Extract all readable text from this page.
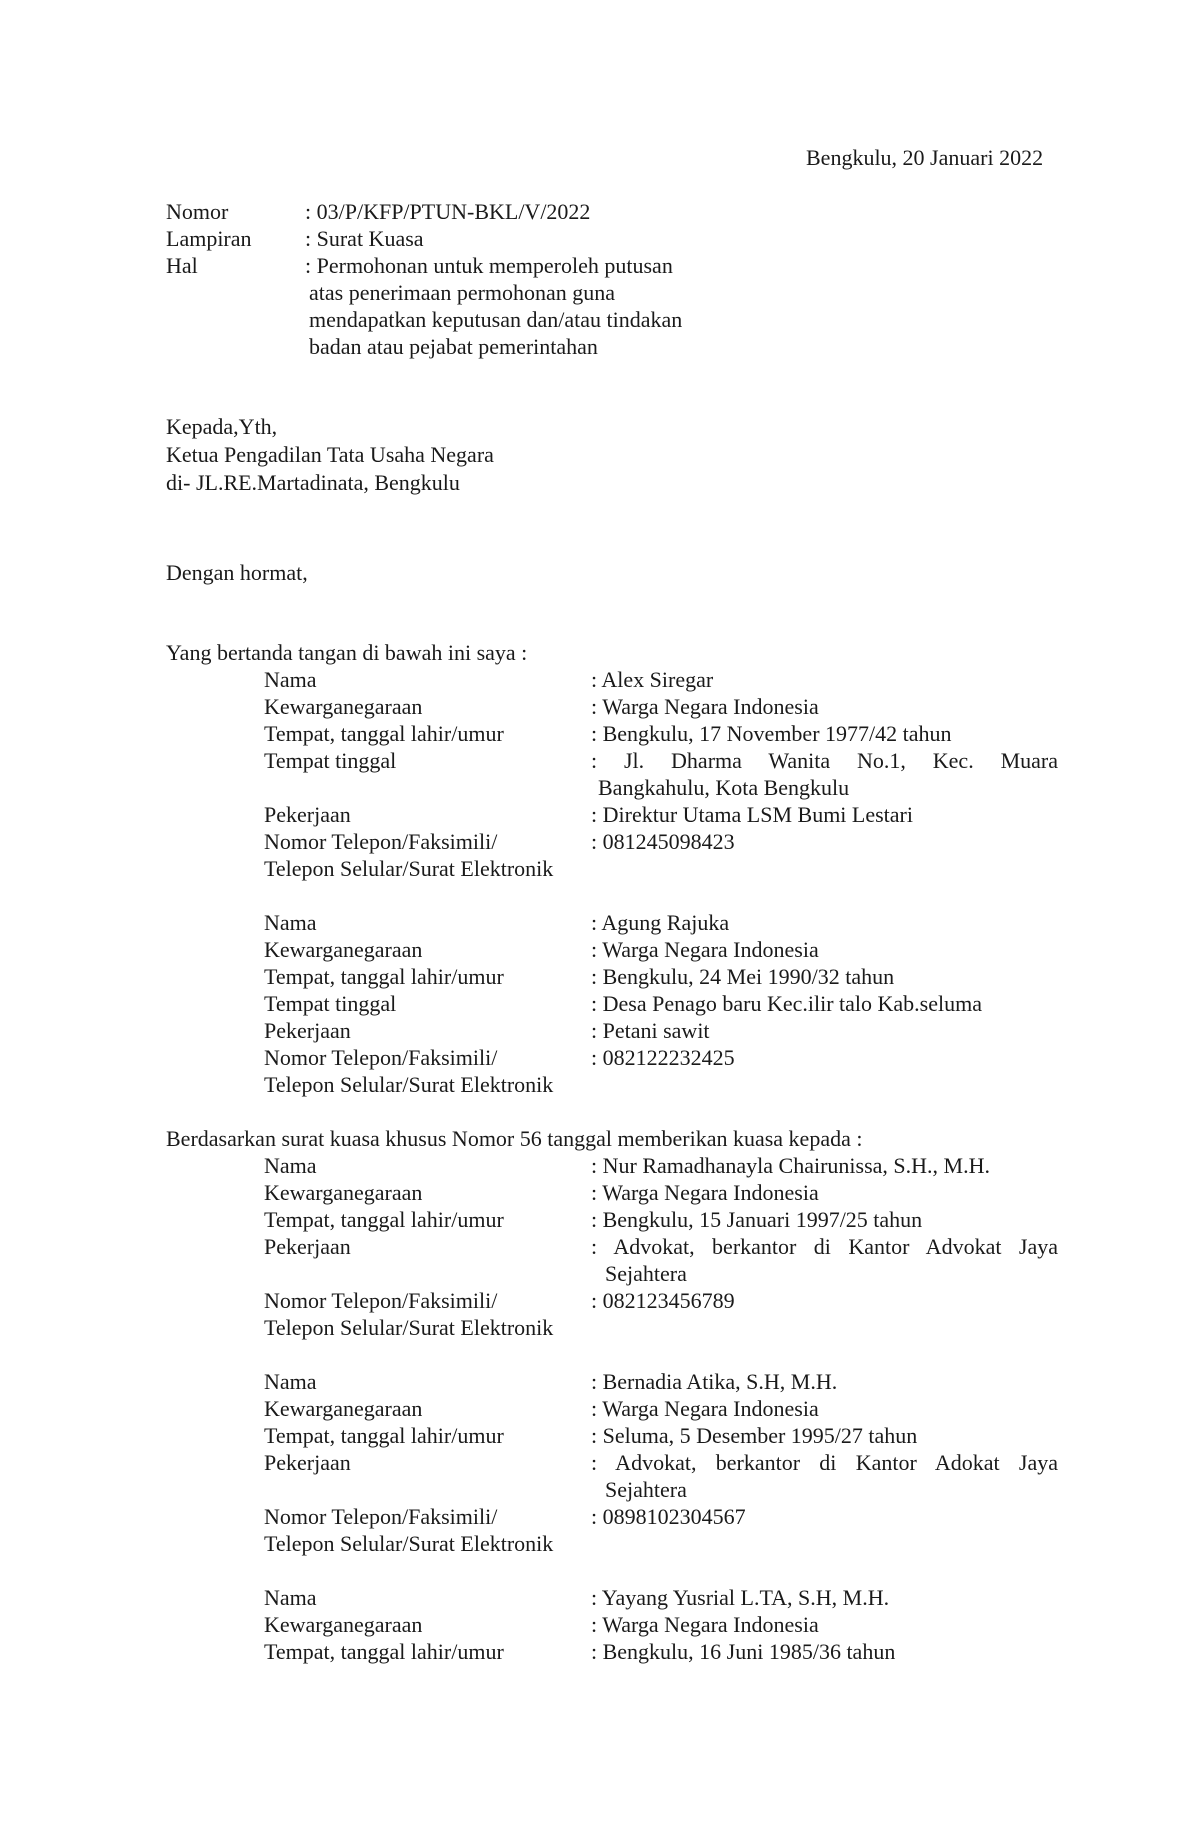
Bengkulu, 20 Januari 2022
Nomor	: 03/P/KFP/PTUN-BKL/V/2022
Lampiran : Surat Kuasa
Hal	: Permohonan untuk memperoleh putusan
atas penerimaan permohonan guna
mendapatkan keputusan dan/atau tindakan
badan atau pejabat pemerintahan
Kepada,Yth,
Ketua Pengadilan Tata Usaha Negara
di- JL.RE.Martadinata, Bengkulu
Dengan hormat,
Yang bertanda tangan di bawah ini saya :
Nama	: Alex Siregar
Kewarganegaraan	: Warga Negara Indonesia
Tempat, tanggal lahir/umur	: Bengkulu, 17 November 1977/42 tahun
Tempat tinggal	: Jl. Dharma Wanita No.1, Kec. Muara
Bangkahulu, Kota Bengkulu
Pekerjaan	: Direktur Utama LSM Bumi Lestari
Nomor Telepon/Faksimili/	: 081245098423
Telepon Selular/Surat Elektronik
Nama	: Agung Rajuka
Kewarganegaraan	: Warga Negara Indonesia
Tempat, tanggal lahir/umur	: Bengkulu, 24 Mei 1990/32 tahun
Tempat tinggal	: Desa Penago baru Kec.ilir talo Kab.seluma
Pekerjaan	: Petani sawit
Nomor Telepon/Faksimili/	: 082122232425
Telepon Selular/Surat Elektronik
Berdasarkan surat kuasa khusus Nomor 56 tanggal memberikan kuasa kepada :
Nama	: Nur Ramadhanayla Chairunissa, S.H., M.H.
Kewarganegaraan	: Warga Negara Indonesia
Tempat, tanggal lahir/umur	: Bengkulu, 15 Januari 1997/25 tahun
Pekerjaan	: Advokat, berkantor di Kantor Advokat Jaya
Sejahtera
Nomor Telepon/Faksimili/	: 082123456789
Telepon Selular/Surat Elektronik
Nama	: Bernadia Atika, S.H, M.H.
Kewarganegaraan	: Warga Negara Indonesia
Tempat, tanggal lahir/umur	: Seluma, 5 Desember 1995/27 tahun
Pekerjaan	: Advokat, berkantor di Kantor Adokat Jaya
Sejahtera
Nomor Telepon/Faksimili/	: 0898102304567
Telepon Selular/Surat Elektronik
Nama	: Yayang Yusrial L.TA, S.H, M.H.
Kewarganegaraan	: Warga Negara Indonesia
Tempat, tanggal lahir/umur	: Bengkulu, 16 Juni 1985/36 tahun
